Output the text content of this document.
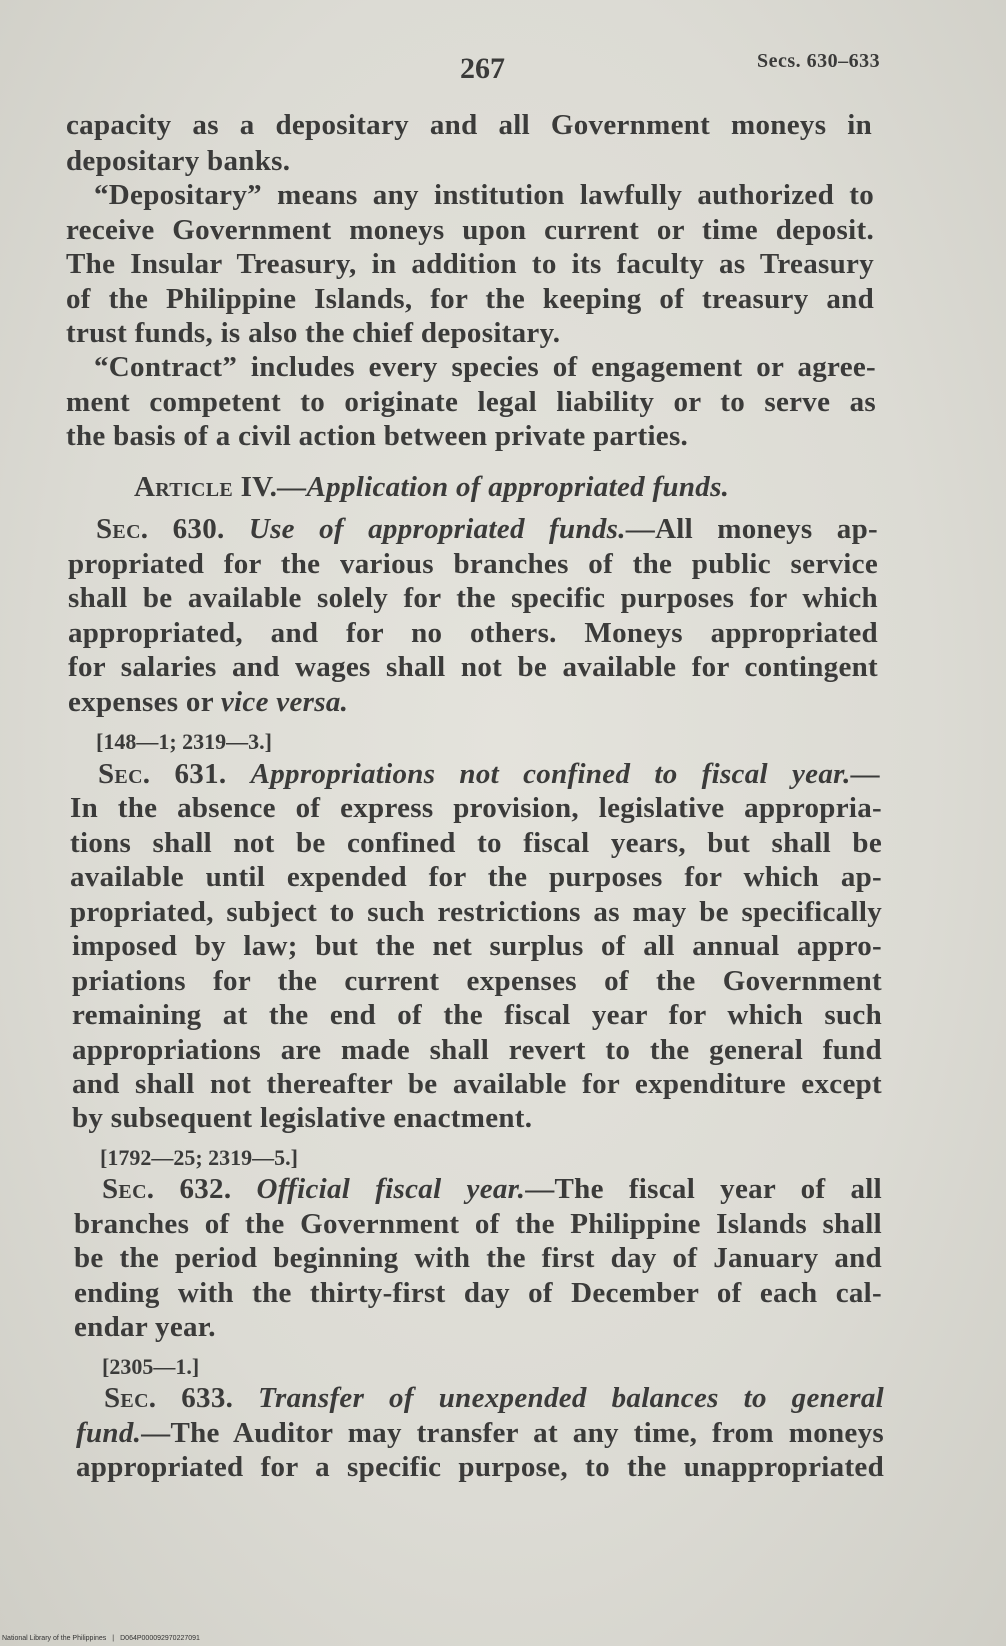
267	Secs. 630–633
capacity as a depositary and all Government moneys in
depositary banks.
“Depositary” means any institution lawfully authorized to
receive Government moneys upon current or time deposit.
The Insular Treasury, in addition to its faculty as Treasury
of the Philippine Islands, for the keeping of treasury and
trust funds, is also the chief depositary.
“Contract” includes every species of engagement or agree-
ment competent to originate legal liability or to serve as
the basis of a civil action between private parties.
Article IV.—Application of appropriated funds.
Sec. 630. Use of appropriated funds.—All moneys ap-
propriated for the various branches of the public service
shall be available solely for the specific purposes for which
appropriated, and for no others. Moneys appropriated
for salaries and wages shall not be available for contingent
expenses or vice versa.
[148—1; 2319—3.]
Sec. 631. Appropriations not confined to fiscal year.—
In the absence of express provision, legislative appropria-
tions shall not be confined to fiscal years, but shall be
available until expended for the purposes for which ap-
propriated, subject to such restrictions as may be specifically
imposed by law; but the net surplus of all annual appro-
priations for the current expenses of the Government
remaining at the end of the fiscal year for which such
appropriations are made shall revert to the general fund
and shall not thereafter be available for expenditure except
by subsequent legislative enactment.
[1792—25; 2319—5.]
Sec. 632. Official fiscal year.—The fiscal year of all
branches of the Government of the Philippine Islands shall
be the period beginning with the first day of January and
ending with the thirty-first day of December of each cal-
endar year.
[2305—1.]
Sec. 633. Transfer of unexpended balances to general
fund.—The Auditor may transfer at any time, from moneys
appropriated for a specific purpose, to the unappropriated
National Library of the Philippines | D064P000092970227091
